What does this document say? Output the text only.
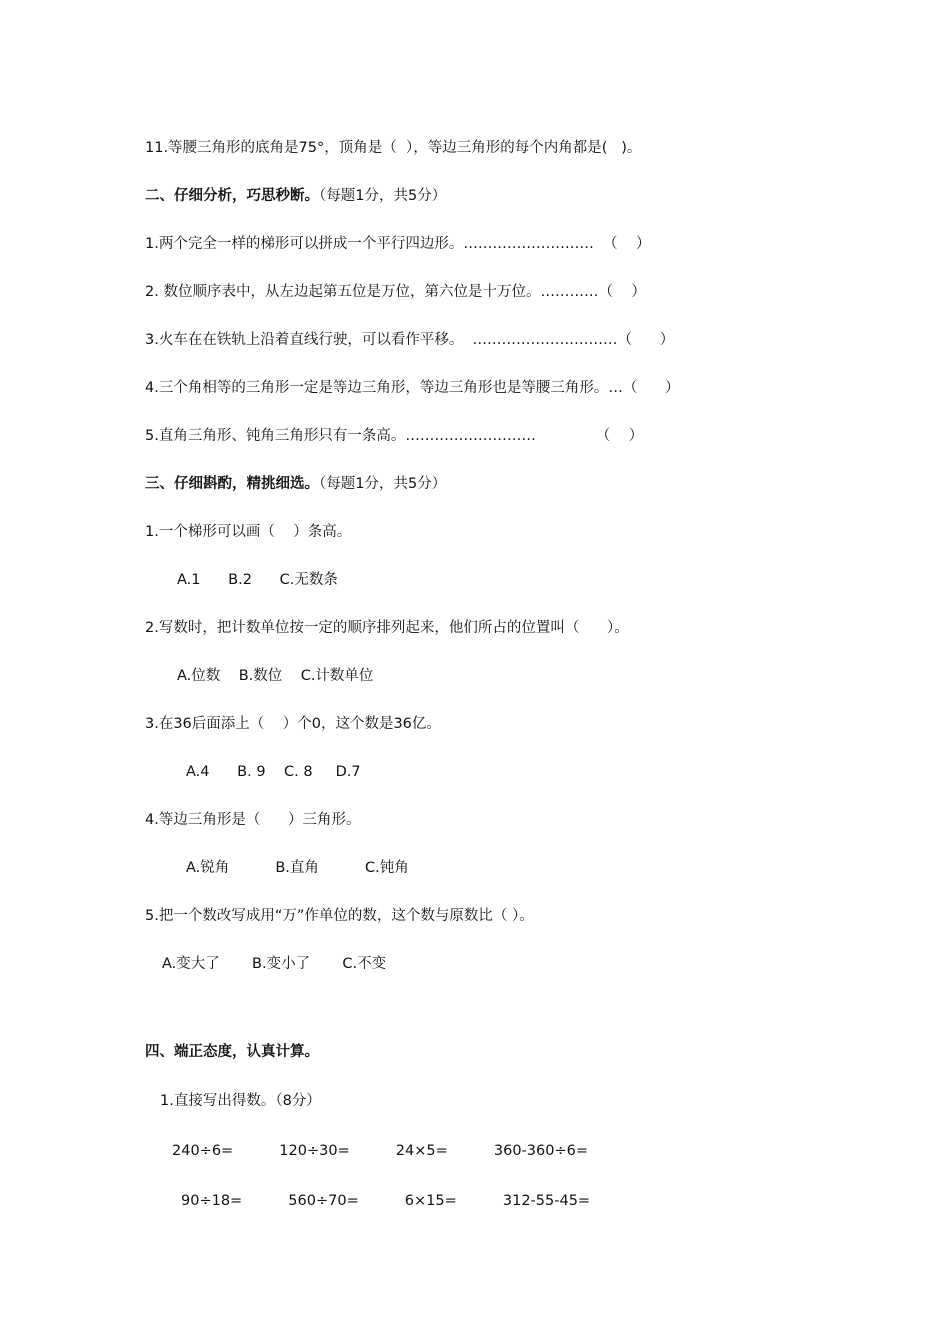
11.等腰三角形的底角是75°，顶角是（  ），等边三角形的每个内角都是(   )。
二、仔细分析，巧思秒断。（每题1分，共5分）
1.两个完全一样的梯形可以拼成一个平行四边形。………………………  （    ）
2. 数位顺序表中，从左边起第五位是万位，第六位是十万位。…………（    ）
3.火车在在铁轨上沿着直线行驶，可以看作平移。  …………………………（      ）
4.三个角相等的三角形一定是等边三角形，等边三角形也是等腰三角形。…（      ）
5.直角三角形、钝角三角形只有一条高。………………………             （    ）
三、仔细斟酌，精挑细选。（每题1分，共5分）
1.一个梯形可以画（    ）条高。
A.1      B.2      C.无数条
2.写数时，把计数单位按一定的顺序排列起来，他们所占的位置叫（      ）。
A.位数    B.数位    C.计数单位
3.在36后面添上（    ）个0，这个数是36亿。
A.4      B. 9    C. 8     D.7
4.等边三角形是（      ）三角形。
A.锐角          B.直角          C.钝角
5.把一个数改写成用“万”作单位的数，这个数与原数比（ ）。
A.变大了       B.变小了       C.不变
四、端正态度，认真计算。
1.直接写出得数。（8分）
240÷6=          120÷30=          24×5=          360-360÷6=
90÷18=          560÷70=          6×15=          312-55-45=
